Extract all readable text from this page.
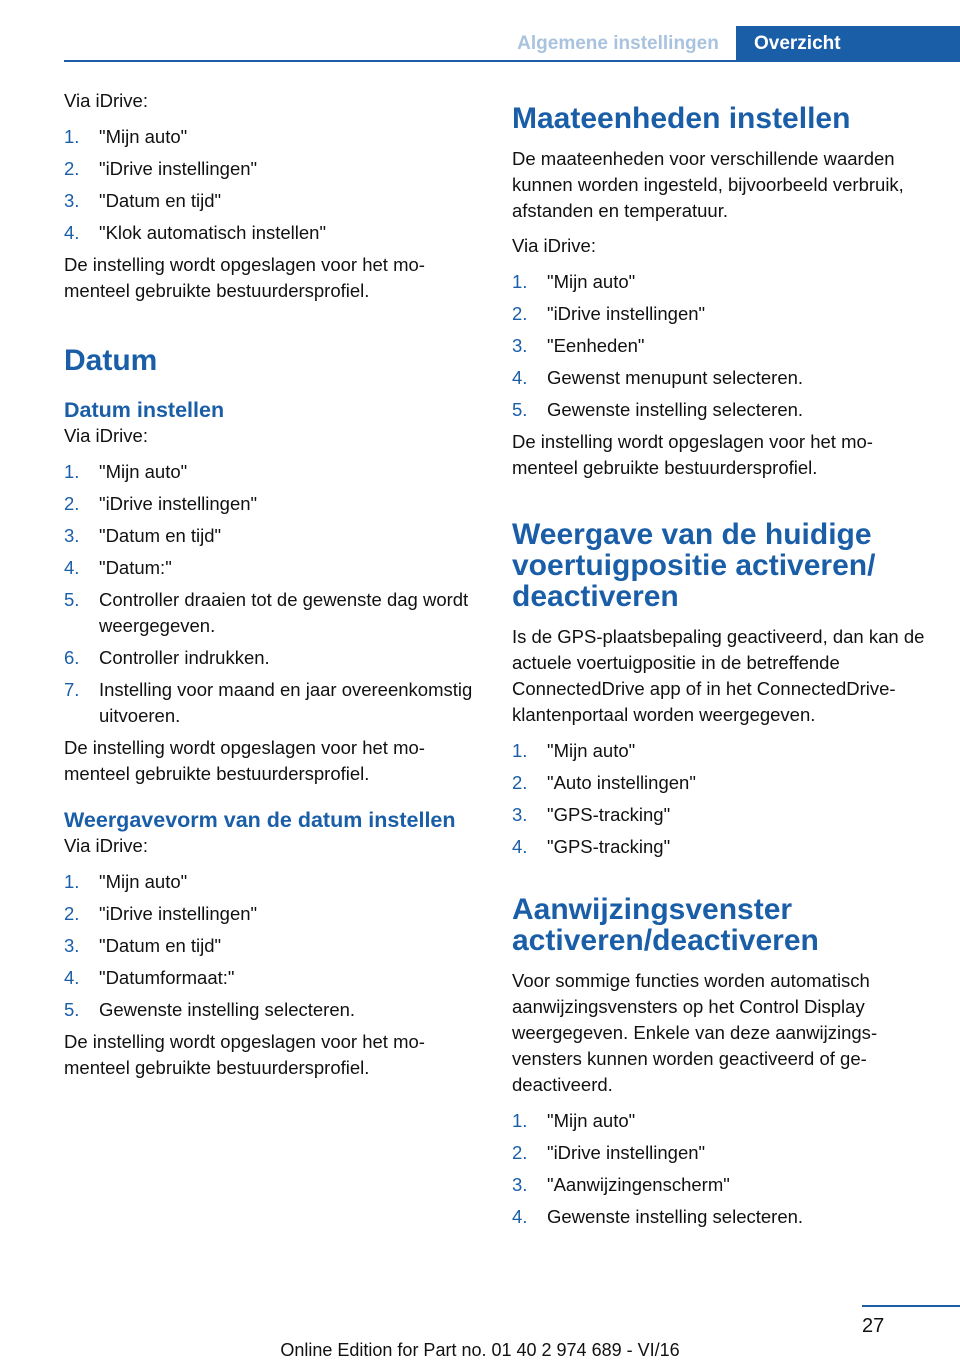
Algemene instellingen	Overzicht

Via iDrive:

1. "Mijn auto"
2. "iDrive instellingen"
3. "Datum en tijd"
4. "Klok automatisch instellen"

De instelling wordt opgeslagen voor het momenteel gebruikte bestuurdersprofiel.

Datum
Datum instellen

Via iDrive:

1. "Mijn auto"
2. "iDrive instellingen"
3. "Datum en tijd"
4. "Datum:"
5. Controller draaien tot de gewenste dag wordt weergegeven.
6. Controller indrukken.
7. Instelling voor maand en jaar overeenkomstig uitvoeren.

De instelling wordt opgeslagen voor het momenteel gebruikte bestuurdersprofiel.

Weergavevorm van de datum instellen

Via iDrive:

1. "Mijn auto"
2. "iDrive instellingen"
3. "Datum en tijd"
4. "Datumformaat:"
5. Gewenste instelling selecteren.

De instelling wordt opgeslagen voor het momenteel gebruikte bestuurdersprofiel.

Maateenheden instellen

De maateenheden voor verschillende waarden kunnen worden ingesteld, bijvoorbeeld verbruik, afstanden en temperatuur.

Via iDrive:

1. "Mijn auto"
2. "iDrive instellingen"
3. "Eenheden"
4. Gewenst menupunt selecteren.
5. Gewenste instelling selecteren.

De instelling wordt opgeslagen voor het momenteel gebruikte bestuurdersprofiel.

Weergave van de huidige voertuigpositie activeren/ deactiveren

Is de GPS-plaatsbepaling geactiveerd, dan kan de actuele voertuigpositie in de betreffende ConnectedDrive app of in het ConnectedDrive-klantenportaal worden weergegeven.

1. "Mijn auto"
2. "Auto instellingen"
3. "GPS-tracking"
4. "GPS-tracking"
Aanwijzingsvenster activeren/deactiveren

Voor sommige functies worden automatisch aanwijzingsvensters op het Control Display weergegeven. Enkele van deze aanwijzingsvensters kunnen worden geactiveerd of gedeactiveerd.

1. "Mijn auto"
2. "iDrive instellingen"
3. "Aanwijzingenscherm"
4. Gewenste instelling selecteren.
27
Online Edition for Part no. 01 40 2 974 689 - VI/16
